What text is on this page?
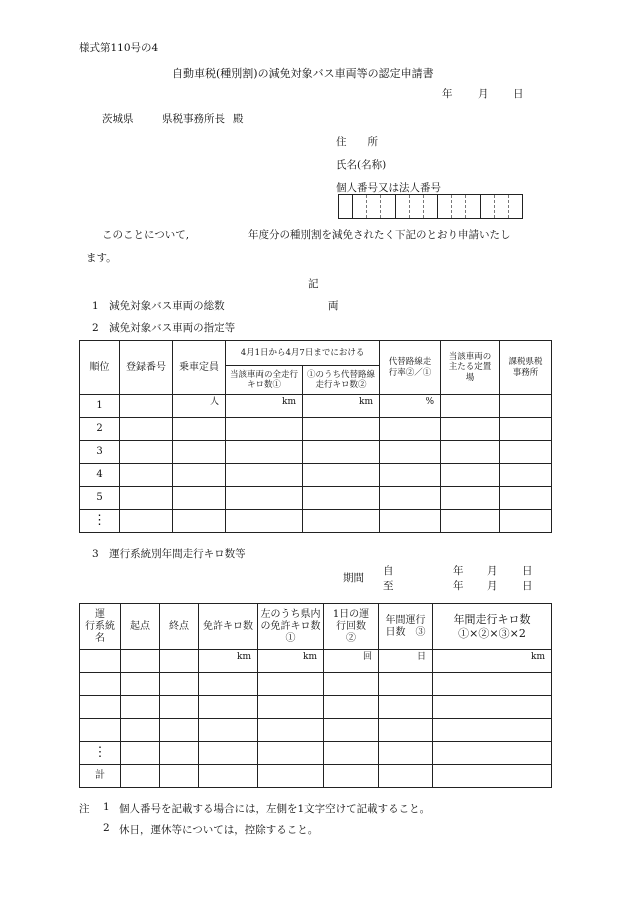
様式第110号の4
自動車税(種別割)の減免対象バス車両等の認定申請書
年 月 日
茨城県	県税事務所長 殿
住　　所
氏名(名称)
個人番号又は法人番号
このことについて,	年度分の種別割を減免されたく下記のとおり申請いたし
ます。
記
1　減免対象バス車両の総数	両
2　減免対象バス車両の指定等
順位	登録番号	乗車定員	4月1日から4月7日までにおける		代替路線走行率②／①	当該車両の主たる定置場	課税県税事務所
			当該車両の全走行キロ数①	①のうち代替路線走行キロ数②			
1		人	km	km	%		
2							
3							
4							
5							
⋮							
3　運行系統別年間走行キロ数等
期間
自
至
年 月 日
年 月 日
運　　行系統名	起点	終点	免許キロ数	左のうち県内の免許キロ数　①	1日の運行回数　②	年間運行日数　③	年間走行キロ数①×②×③×2
			km	km	回	日	km

⋮							
計							
注 1 個人番号を記載する場合には，左側を1文字空けて記載すること。
2 休日，運休等については，控除すること。
